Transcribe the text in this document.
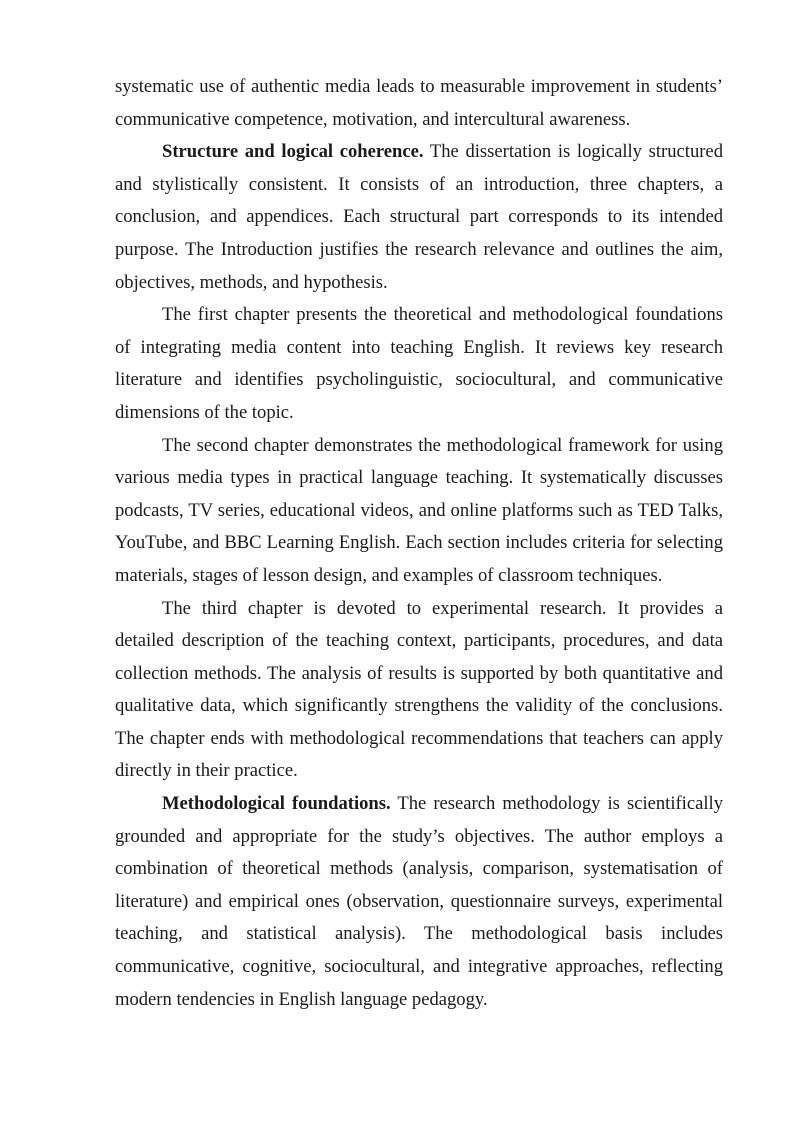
systematic use of authentic media leads to measurable improvement in students’ communicative competence, motivation, and intercultural awareness.

Structure and logical coherence. The dissertation is logically structured and stylistically consistent. It consists of an introduction, three chapters, a conclusion, and appendices. Each structural part corresponds to its intended purpose. The Introduction justifies the research relevance and outlines the aim, objectives, methods, and hypothesis.

The first chapter presents the theoretical and methodological foundations of integrating media content into teaching English. It reviews key research literature and identifies psycholinguistic, sociocultural, and communicative dimensions of the topic.

The second chapter demonstrates the methodological framework for using various media types in practical language teaching. It systematically discusses podcasts, TV series, educational videos, and online platforms such as TED Talks, YouTube, and BBC Learning English. Each section includes criteria for selecting materials, stages of lesson design, and examples of classroom techniques.

The third chapter is devoted to experimental research. It provides a detailed description of the teaching context, participants, procedures, and data collection methods. The analysis of results is supported by both quantitative and qualitative data, which significantly strengthens the validity of the conclusions. The chapter ends with methodological recommendations that teachers can apply directly in their practice.

Methodological foundations. The research methodology is scientifically grounded and appropriate for the study’s objectives. The author employs a combination of theoretical methods (analysis, comparison, systematisation of literature) and empirical ones (observation, questionnaire surveys, experimental teaching, and statistical analysis). The methodological basis includes communicative, cognitive, sociocultural, and integrative approaches, reflecting modern tendencies in English language pedagogy.
